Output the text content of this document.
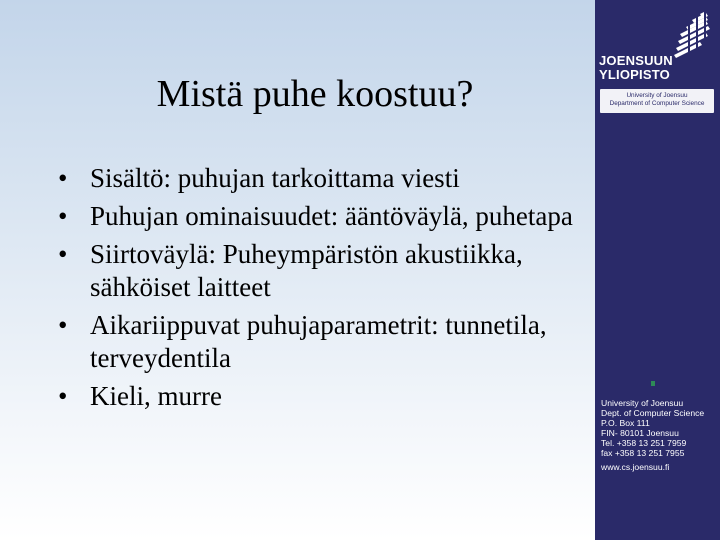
Mistä puhe koostuu?
• Sisältö: puhujan tarkoittama viesti
• Puhujan ominaisuudet: ääntöväylä, puhetapa
• Siirtoväylä: Puheympäristön akustiikka, sähköiset laitteet
• Aikariippuvat puhujaparametrit: tunnetila, terveydentila
• Kieli, murre
JOENSUUN
YLIOPISTO
University of Joensuu
Department of Computer Science
University of Joensuu
Dept. of Computer Science
P.O. Box 111
FIN- 80101 Joensuu
Tel. +358 13 251 7959
fax +358 13 251 7955
www.cs.joensuu.fi
